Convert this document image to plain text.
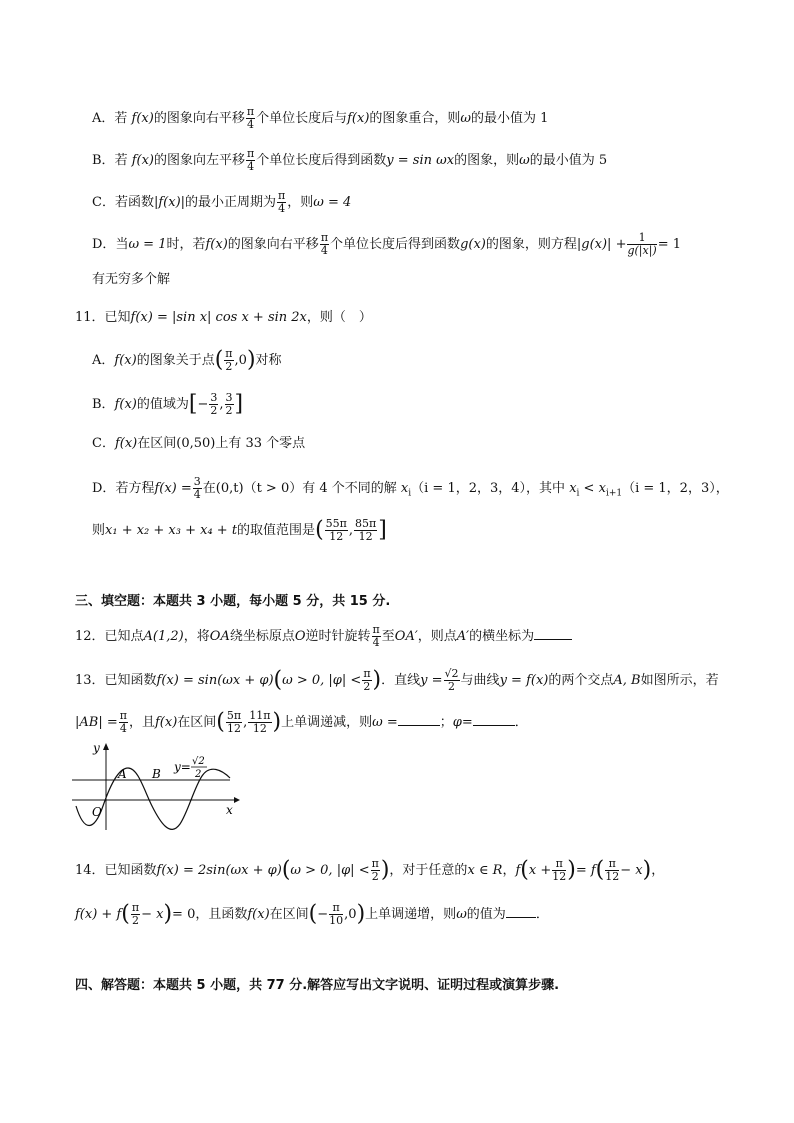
A．若 f(x)的图象向右平移 $\frac{\pi}{4}$ 个单位长度后与f(x)的图象重合，则ω的最小值为 1
B．若 f(x)的图象向左平移 $\frac{\pi}{4}$ 个单位长度后得到函数y = sin ωx的图象，则ω的最小值为 5
C．若函数|f(x)|的最小正周期为 $\frac{\pi}{4}$ ，则ω = 4
D．当ω = 1时，若f(x)的图象向右平移 $\frac{\pi}{4}$ 个单位长度后得到函数g(x)的图象，则方程$|g(x)| + \frac{1}{g(|x|)} = 1$
有无穷多个解
11．已知f(x) = |sin x| cos x + sin 2x，则（　）
A．f(x)的图象关于点( $\frac{\pi}{2} ,0$)对称
B．f(x)的值域为[− $\frac{3}{2}$ , $\frac{3}{2}$ ]
C．f(x)在区间(0,50)上有 33 个零点
D．若方程$f(x) = \frac{3}{4}$ 在(0,t)（t > 0）有 4 个不同的解 $x_i(i = 1$，2，3，4），其中 $x_i < x_{i+1}(i = 1$，2，3），
则x₁ + x₂ + x₃ + x₄ + t的取值范围是( $\frac{55\pi}{12}$ , $\frac{85\pi}{12}$ ]
三、填空题：本题共 3 小题，每小题 5 分，共 15 分.
12．已知点A(1,2)，将OA绕坐标原点O逆时针旋转 $\frac{\pi}{4}$ 至OA′，则点A′的横坐标为
13．已知函数f(x) = sin(ωx + φ)(ω > 0, $|\varphi| < \frac{\pi}{2}$ )．直线$y = \frac{√2}{2}$ 与曲线y = f(x)的两个交点A, B如图所示，若
$|AB| = \frac{\pi}{4}$ ，且f(x)在区间( $\frac{5\pi}{12}$ , $\frac{11\pi}{12}$ )上单调递减，则ω =	；φ=	．
y
x
O
A B y= √2
2
14．已知函数f(x) = 2sin(ωx + φ)(ω > 0, $|\varphi| < \frac{\pi}{2}$ )，对于任意的x ∈ R，$f(x + \frac{\pi}{12}$ )= $f( \frac{\pi}{12} - x)$，
$f(x) + f( \frac{\pi}{2} - x)= 0$，且函数f(x)在区间(− $\frac{\pi}{10} ,0$)上单调递增，则ω的值为 ．
四、解答题：本题共 5 小题，共 77 分.解答应写出文字说明、证明过程或演算步骤.
